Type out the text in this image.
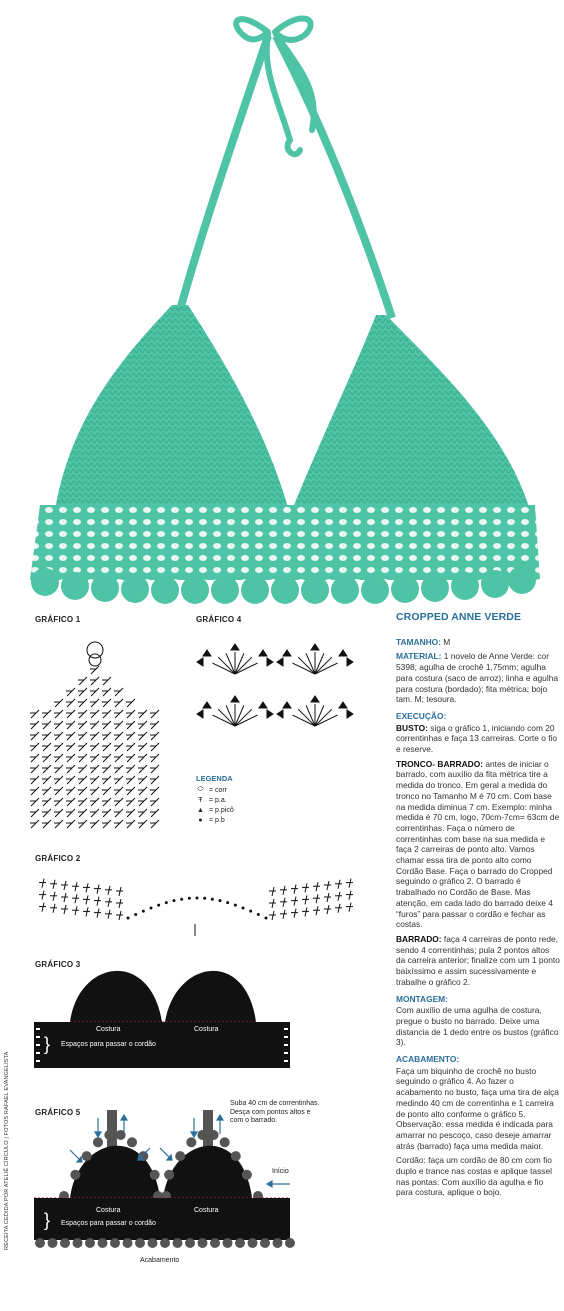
}
}
GRÁFICO 1	GRÁFICO 4
GRÁFICO 2
GRÁFICO 3
GRÁFICO 5
LEGENDA
⬭ = corr
Ŧ = p.a.
▲ = p.picô
● = p.b
Costura	Costura
Espaços para passar o cordão
Suba 40 cm de correntinhas.
Desça com pontos altos e
com o barrado.
Início
Costura	Costura
Espaços para passar o cordão
Acabamento
RECEITA CEDIDA POR ATELIÊ CÍRCULO | FOTOS RAFAEL EVANGELISTA
CROPPED ANNE VERDE

TAMANHO: M

MATERIAL: 1 novelo de Anne Verde: cor 5398; agulha de crochê 1,75mm; agulha para costura (saco de arroz); linha e agulha para costura (bordado); fita métrica; bojo tam. M; tesoura.

EXECUÇÃO:

BUSTO: siga o gráfico 1, iniciando com 20 correntinhas e faça 13 carreiras. Corte o fio e reserve.

TRONCO- BARRADO: antes de iniciar o barrado, com auxílio da fita métrica tire a medida do tronco. Em geral a medida do tronco no Tamanho M é 70 cm. Com base na medida diminua 7 cm. Exemplo: minha medida é 70 cm, logo, 70cm-7cm= 63cm de correntinhas. Faça o número de correntinhas com base na sua medida e faça 2 carreiras de ponto alto. Vamos chamar essa tira de ponto alto como Cordão Base. Faça o barrado do Cropped seguindo o gráfico 2. O barrado é trabalhado no Cordão de Base. Mas atenção, em cada lado do barrado deixe 4 “furos” para passar o cordão e fechar as costas.

BARRADO: faça 4 carreiras de ponto rede, sendo 4 correntinhas; pula 2 pontos altos da carreira anterior; finalize com um 1 ponto baixíssimo e assim sucessivamente e trabalhe o gráfico 2.

MONTAGEM:

Com auxílio de uma agulha de costura, pregue o busto no barrado. Deixe uma distancia de 1 dedo entre os bustos (gráfico 3).

ACABAMENTO:

Faça um biquinho de crochê no busto seguindo o gráfico 4. Ao fazer o acabamento no busto, faça uma tira de alça medindo 40 cm de correntinha e 1 carreira de ponto alto conforme o gráfico 5. Observação: essa medida é indicada para amarrar no pescoço, caso deseje amarrar atrás (barrado) faça uma medida maior.

Cordão: faça um cordão de 80 cm com fio duplo e trance nas costas e aplique tassel nas pontas. Com auxílio da agulha e fio para costura, aplique o bojo.
